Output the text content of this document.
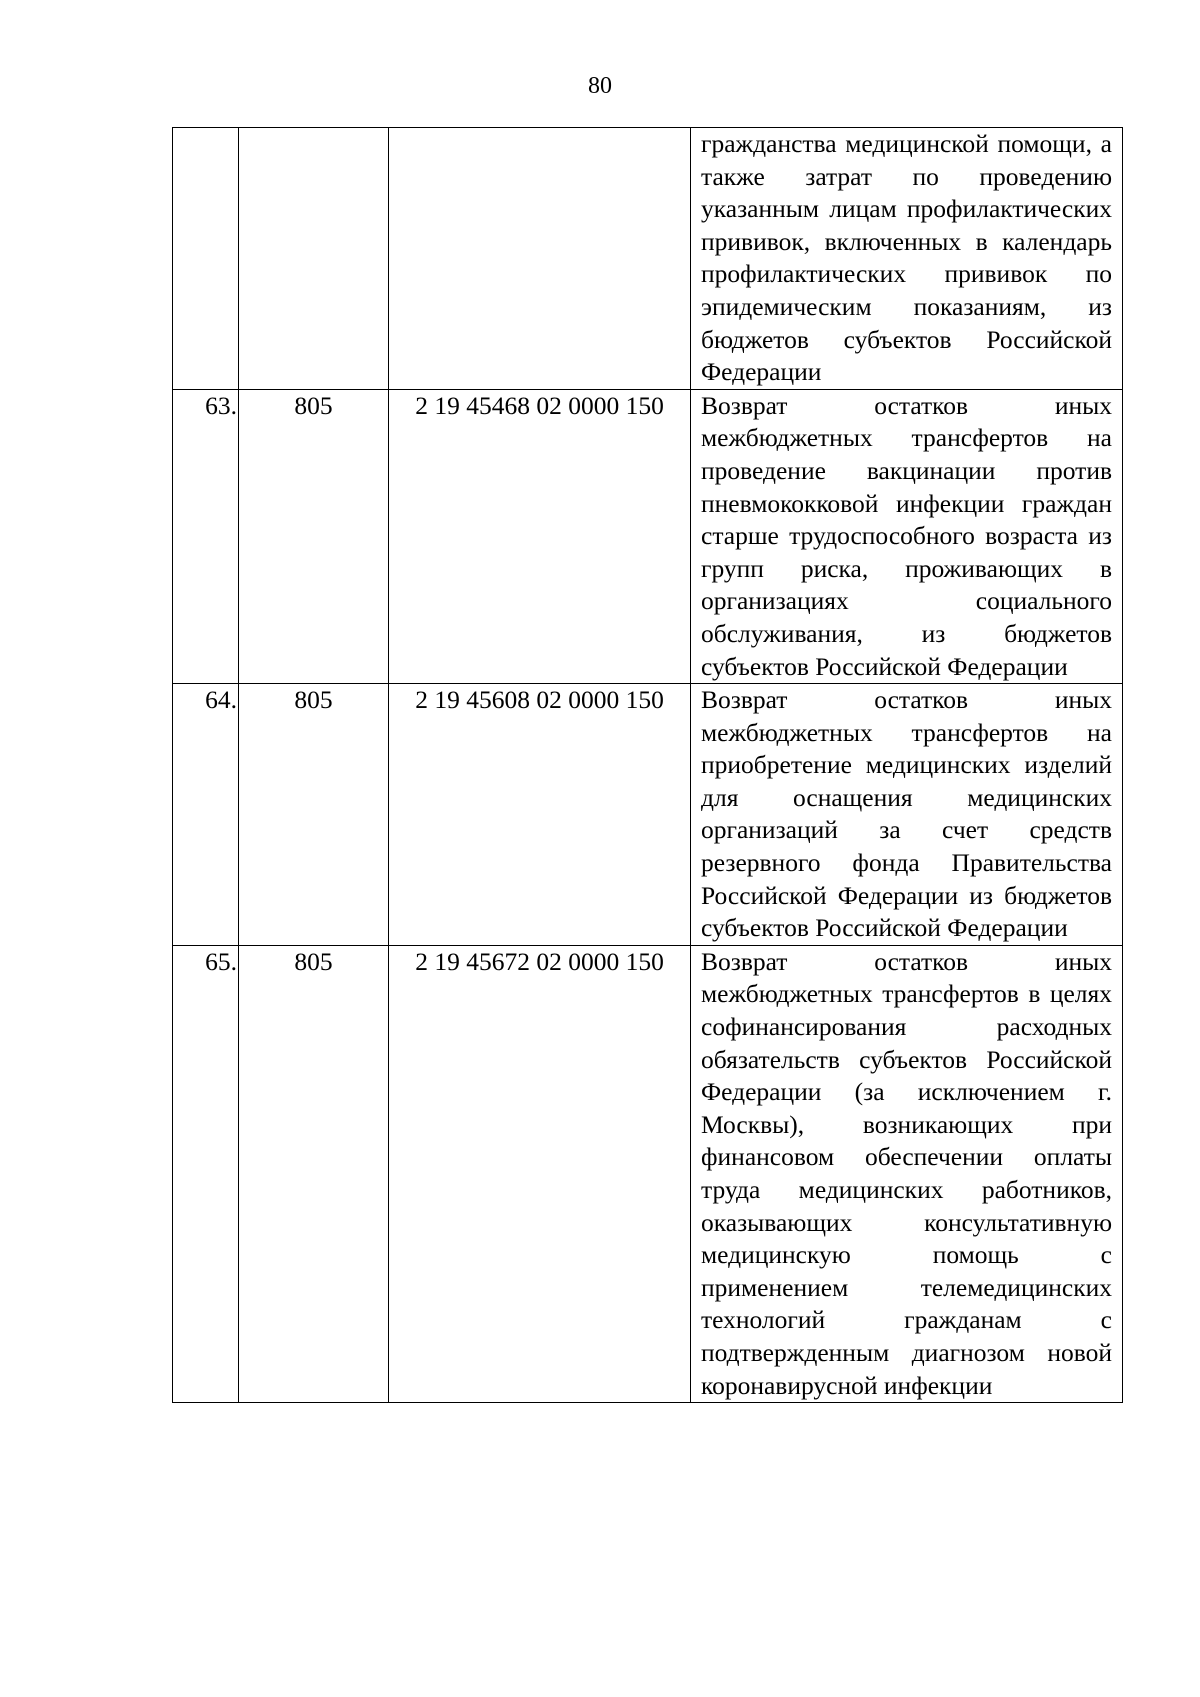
80

			гражданства медицинской помощи, а также затрат по проведению указанным лицам профилактических прививок, включенных в календарь профилактических прививок по эпидемическим показаниям, из бюджетов субъектов Российской Федерации

63.	805	2 19 45468 02 0000 150	Возврат остатков иных межбюджетных трансфертов на проведение вакцинации против пневмококковой инфекции граждан старше трудоспособного возраста из групп риска, проживающих в организациях социального обслуживания, из бюджетов субъектов Российской Федерации

64.	805	2 19 45608 02 0000 150	Возврат остатков иных межбюджетных трансфертов на приобретение медицинских изделий для оснащения медицинских организаций за счет средств резервного фонда Правительства Российской Федерации из бюджетов субъектов Российской Федерации

65.	805	2 19 45672 02 0000 150	Возврат остатков иных межбюджетных трансфертов в целях софинансирования расходных обязательств субъектов Российской Федерации (за исключением г. Москвы), возникающих при финансовом обеспечении оплаты труда медицинских работников, оказывающих консультативную медицинскую помощь с применением телемедицинских технологий гражданам с подтвержденным диагнозом новой коронавирусной инфекции
